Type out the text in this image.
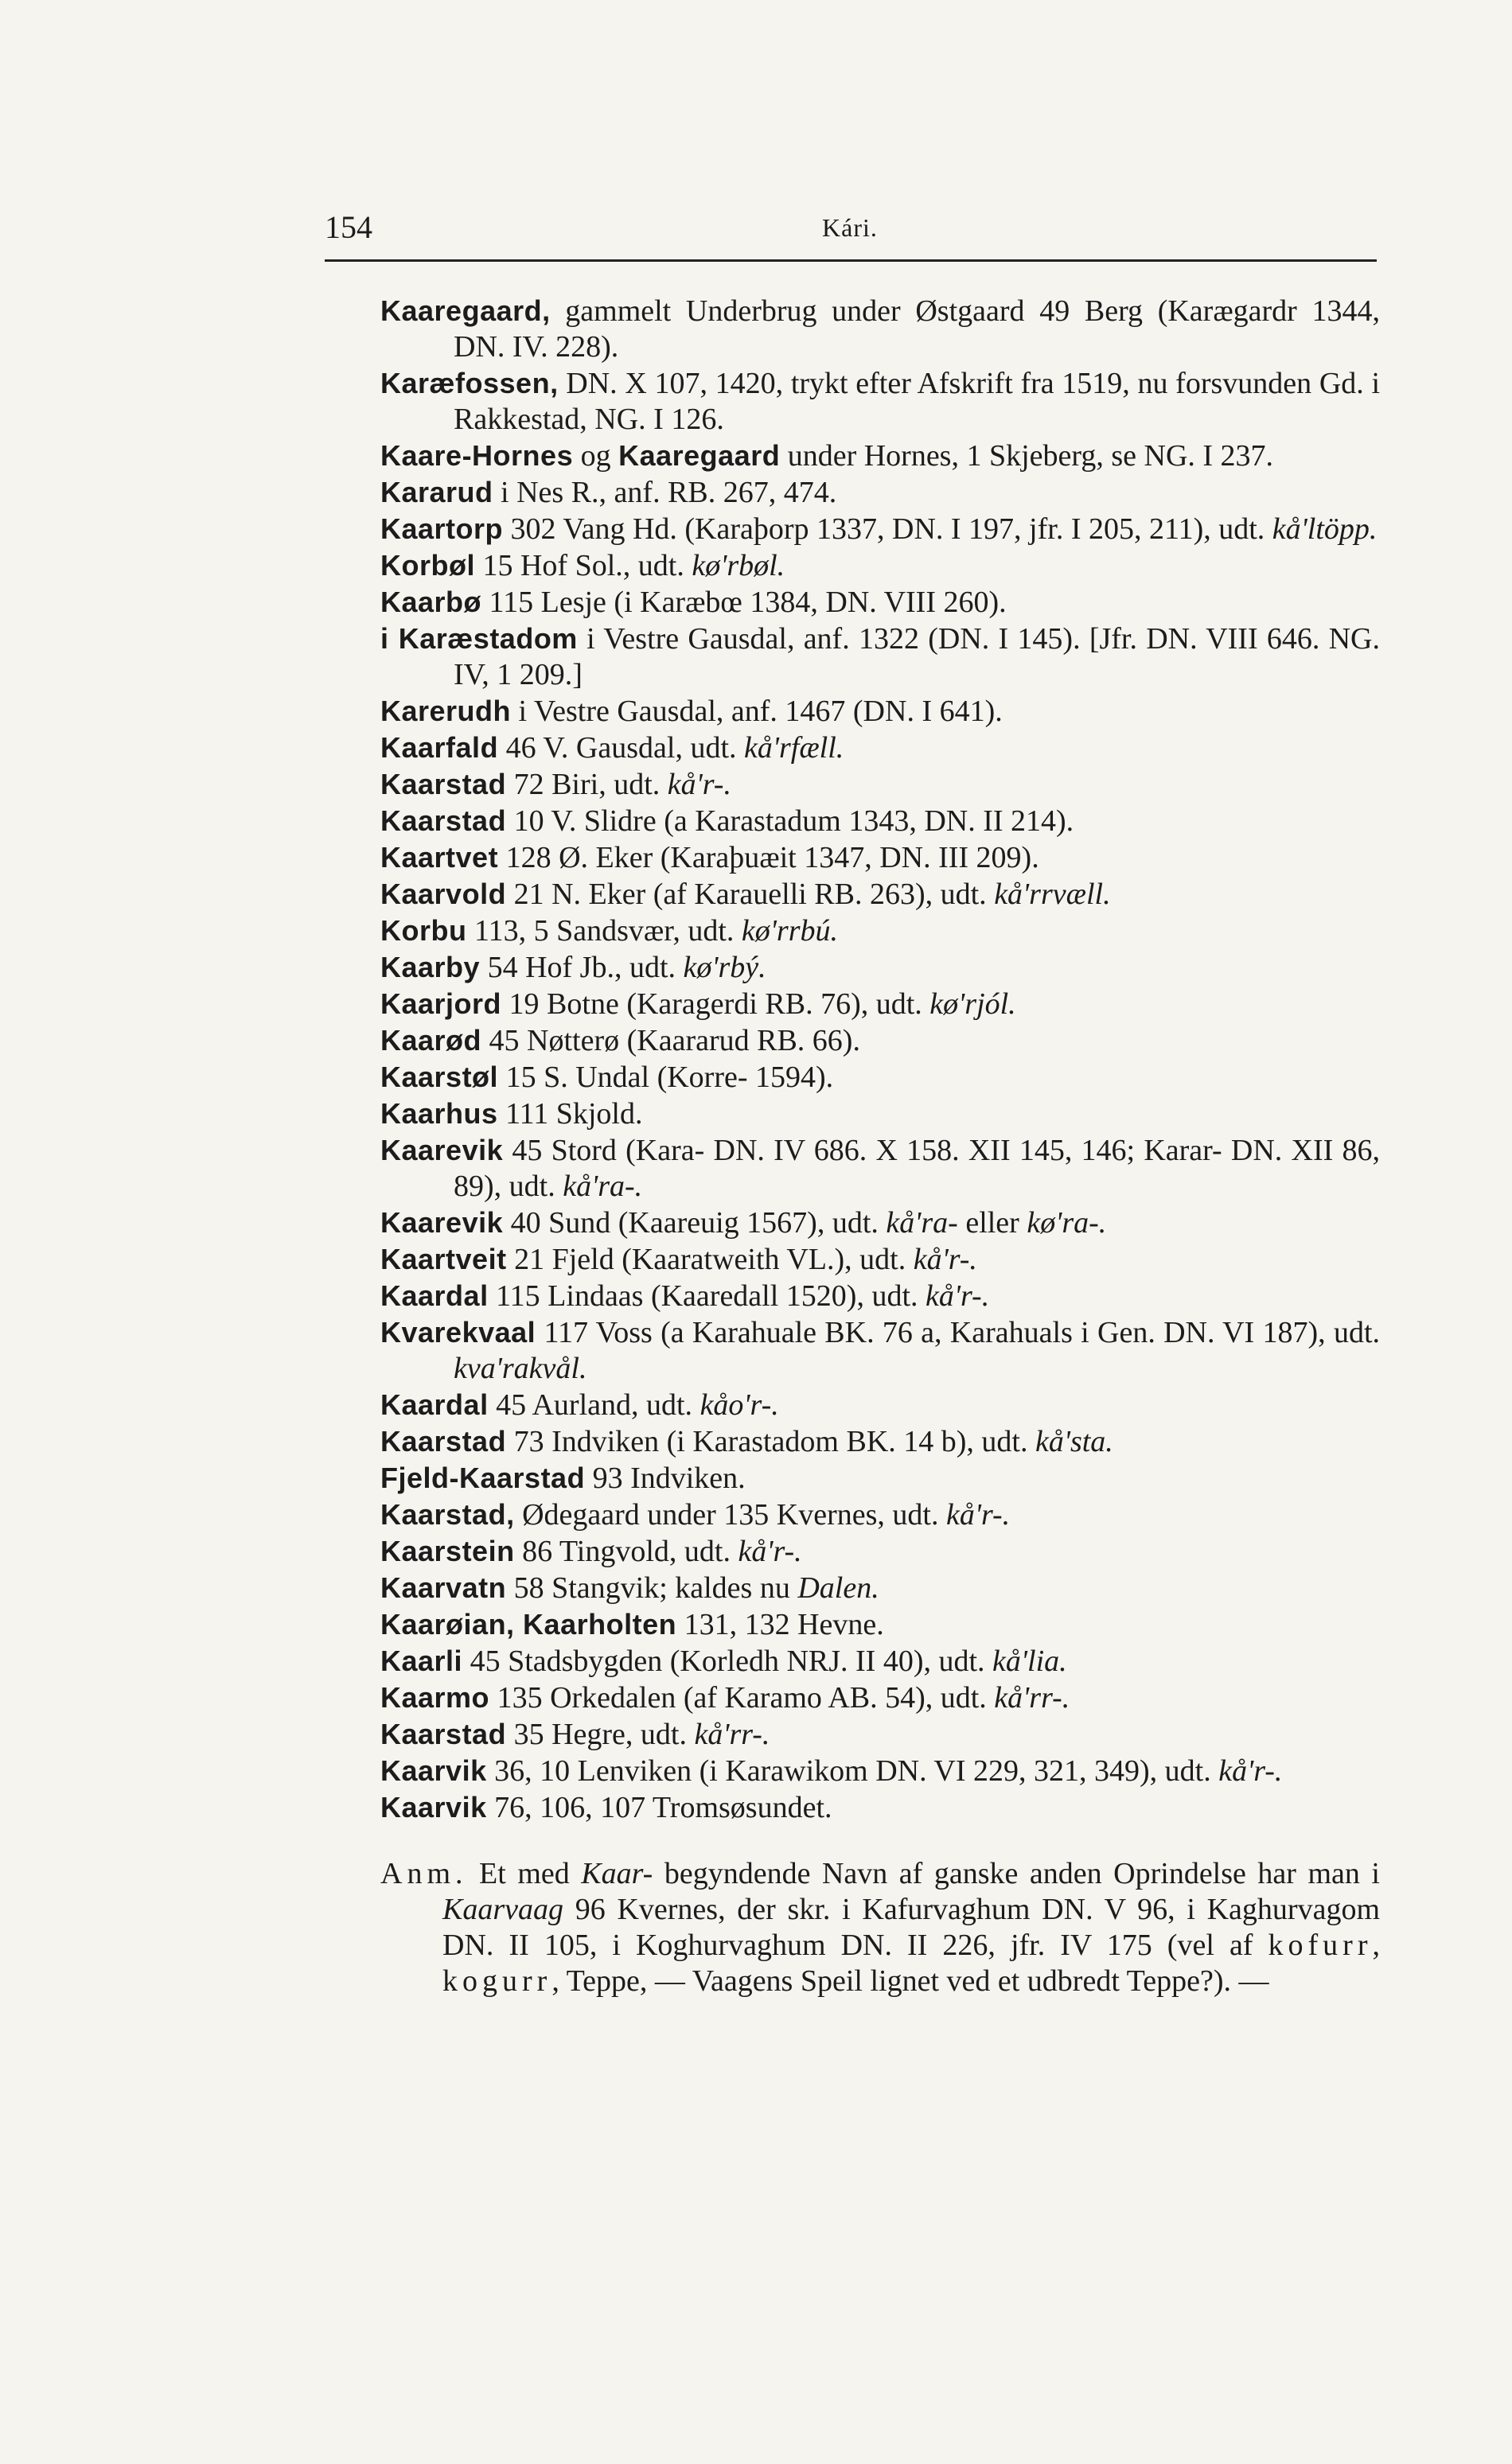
154	Kári.

Kaaregaard, gammelt Underbrug under Østgaard 49 Berg (Karægardr 1344, DN. IV. 228).

Karæfossen, DN. X 107, 1420, trykt efter Afskrift fra 1519, nu forsvunden Gd. i Rakkestad, NG. I 126.

Kaare-Hornes og Kaaregaard under Hornes, 1 Skjeberg, se NG. I 237.

Kararud i Nes R., anf. RB. 267, 474.

Kaartorp 302 Vang Hd. (Karaþorp 1337, DN. I 197, jfr. I 205, 211), udt. kå'ltöpp.

Korbøl 15 Hof Sol., udt. kø'rbøl.

Kaarbø 115 Lesje (i Karæbœ 1384, DN. VIII 260).

i Karæstadom i Vestre Gausdal, anf. 1322 (DN. I 145). [Jfr. DN. VIII 646. NG. IV, 1 209.]

Karerudh i Vestre Gausdal, anf. 1467 (DN. I 641).

Kaarfald 46 V. Gausdal, udt. kå'rfæll.

Kaarstad 72 Biri, udt. kå'r-.

Kaarstad 10 V. Slidre (a Karastadum 1343, DN. II 214).

Kaartvet 128 Ø. Eker (Karaþuæit 1347, DN. III 209).

Kaarvold 21 N. Eker (af Karauelli RB. 263), udt. kå'rrvæll.

Korbu 113, 5 Sandsvær, udt. kø'rrbú.

Kaarby 54 Hof Jb., udt. kø'rbý.

Kaarjord 19 Botne (Karagerdi RB. 76), udt. kø'rjól.

Kaarød 45 Nøtterø (Kaararud RB. 66).

Kaarstøl 15 S. Undal (Korre- 1594).

Kaarhus 111 Skjold.

Kaarevik 45 Stord (Kara- DN. IV 686. X 158. XII 145, 146; Karar- DN. XII 86, 89), udt. kå'ra-.

Kaarevik 40 Sund (Kaareuig 1567), udt. kå'ra- eller kø'ra-.

Kaartveit 21 Fjeld (Kaaratweith VL.), udt. kå'r-.

Kaardal 115 Lindaas (Kaaredall 1520), udt. kå'r-.

Kvarekvaal 117 Voss (a Karahuale BK. 76 a, Karahuals i Gen. DN. VI 187), udt. kva'rakvål.

Kaardal 45 Aurland, udt. kåo'r-.

Kaarstad 73 Indviken (i Karastadom BK. 14 b), udt. kå'sta.

Fjeld-Kaarstad 93 Indviken.

Kaarstad, Ødegaard under 135 Kvernes, udt. kå'r-.

Kaarstein 86 Tingvold, udt. kå'r-.

Kaarvatn 58 Stangvik; kaldes nu Dalen.

Kaarøian, Kaarholten 131, 132 Hevne.

Kaarli 45 Stadsbygden (Korledh NRJ. II 40), udt. kå'lia.

Kaarmo 135 Orkedalen (af Karamo AB. 54), udt. kå'rr-.

Kaarstad 35 Hegre, udt. kå'rr-.

Kaarvik 36, 10 Lenviken (i Karawikom DN. VI 229, 321, 349), udt. kå'r-.

Kaarvik 76, 106, 107 Tromsøsundet.

Anm. Et med Kaar- begyndende Navn af ganske anden Oprindelse har man i Kaarvaag 96 Kvernes, der skr. i Kafurvaghum DN. V 96, i Kaghurvagom DN. II 105, i Koghurvaghum DN. II 226, jfr. IV 175 (vel af kofurr, kogurr, Teppe, — Vaagens Speil lignet ved et udbredt Teppe?). —
